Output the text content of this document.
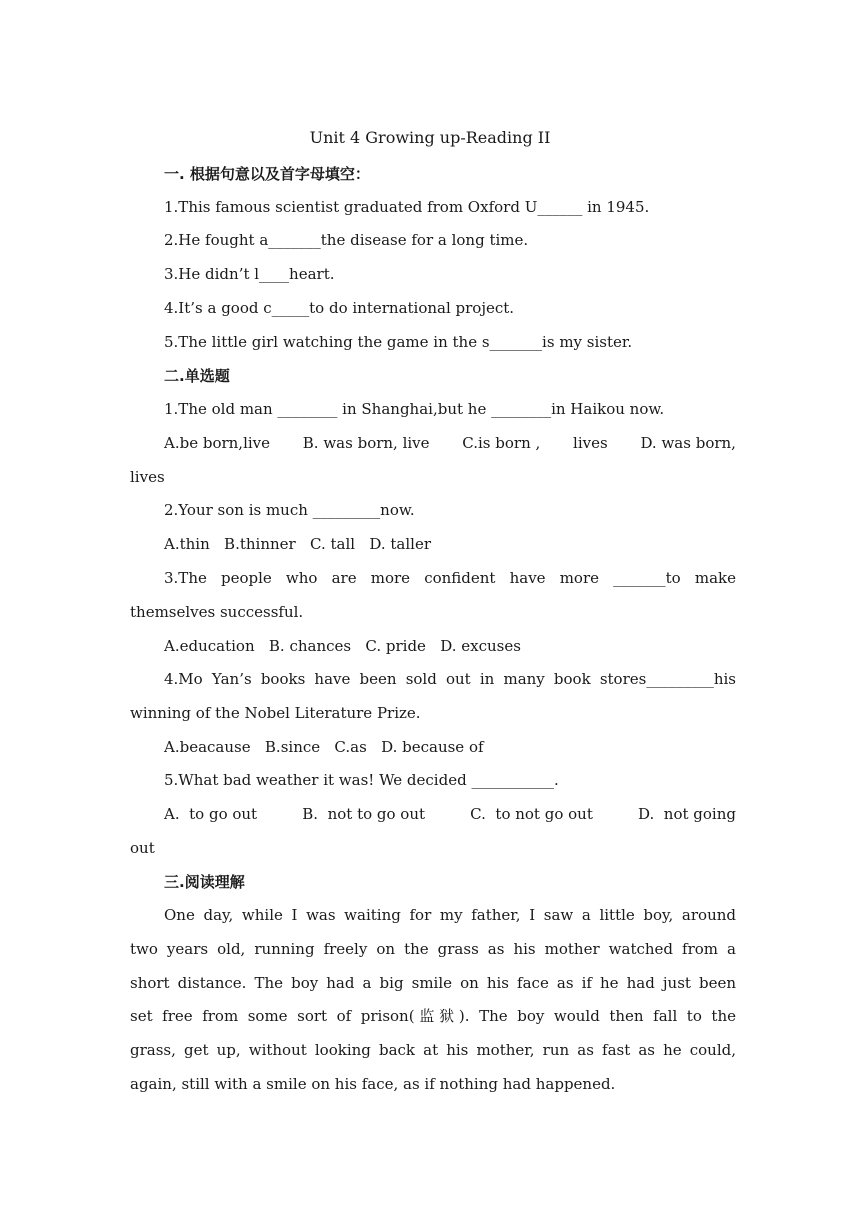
Unit 4 Growing up-Reading II
一. 根据句意以及首字母填空：
1.This famous scientist graduated from Oxford U______ in 1945.
2.He fought a_______the disease for a long time.
3.He didn’t l____heart.
4.It’s a good c_____to do international project.
5.The little girl watching the game in the s_______is my sister.
二.单选题
1.The old man ________ in Shanghai,but he ________in Haikou now.
A.be born,live B. was born, live C.is born , lives D. was born,
lives
2.Your son is much _________now.
A.thin   B.thinner   C. tall   D. taller
3.The people who are more confident have more _______to make
themselves successful.
A.education   B. chances   C. pride   D. excuses
4.Mo Yan’s books have been sold out in many book stores_________his
winning of the Nobel Literature Prize.
A.beacause   B.since   C.as   D. because of
5.What bad weather it was! We decided ___________.
A.  to go out	B.  not to go out	C.  to not go out	D.  not going
out
三.阅读理解
One day, while I was waiting for my father, I saw a little boy, around
two years old, running freely on the grass as his mother watched from a
short distance. The boy had a big smile on his face as if he had just been
set free from some sort of prison(监狱). The boy would then fall to the
grass, get up, without looking back at his mother, run as fast as he could,
again, still with a smile on his face, as if nothing had happened.
